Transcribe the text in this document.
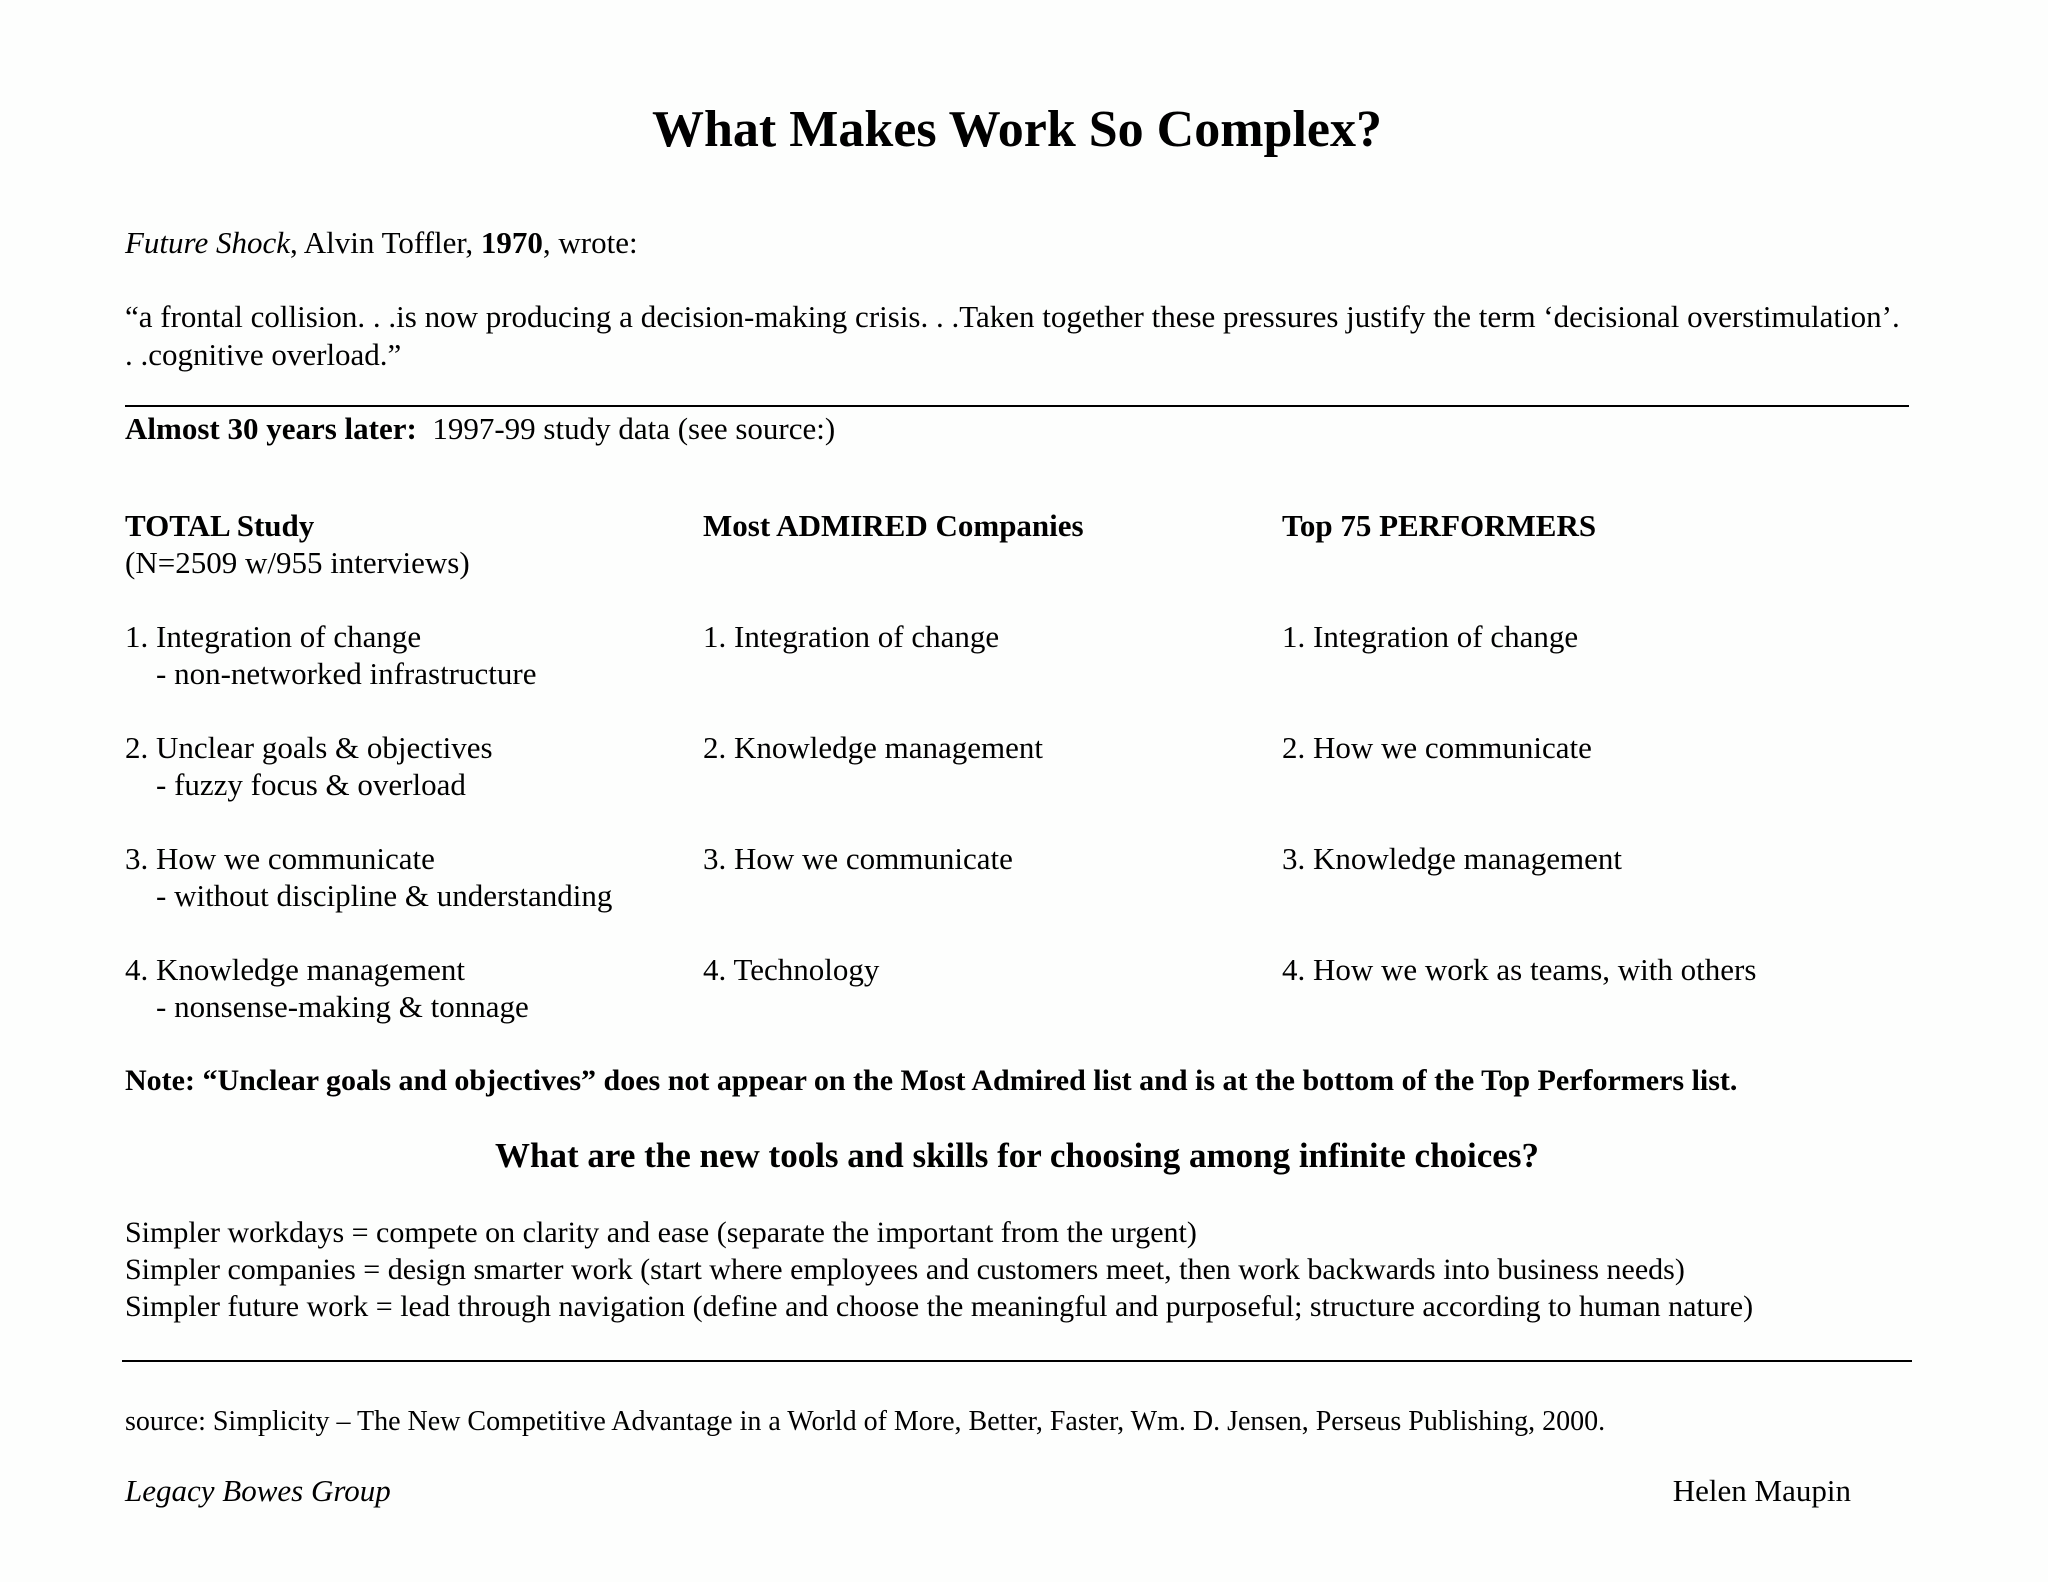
What Makes Work So Complex?
Future Shock, Alvin Toffler, 1970, wrote:
“a frontal collision. . .is now producing a decision-making crisis. . .Taken together these pressures justify the term ‘decisional overstimulation’. . .cognitive overload.”
Almost 30 years later: 1997-99 study data (see source:)
TOTAL Study
(N=2509 w/955 interviews)
1. Integration of change
- non-networked infrastructure
2. Unclear goals & objectives
- fuzzy focus & overload
3. How we communicate
- without discipline & understanding
4. Knowledge management
- nonsense-making & tonnage
Most ADMIRED Companies
1. Integration of change
2. Knowledge management
3. How we communicate
4. Technology
Top 75 PERFORMERS
1. Integration of change
2. How we communicate
3. Knowledge management
4. How we work as teams, with others
Note: “Unclear goals and objectives” does not appear on the Most Admired list and is at the bottom of the Top Performers list.
What are the new tools and skills for choosing among infinite choices?
Simpler workdays = compete on clarity and ease (separate the important from the urgent)
Simpler companies = design smarter work (start where employees and customers meet, then work backwards into business needs)
Simpler future work = lead through navigation (define and choose the meaningful and purposeful; structure according to human nature)
source: Simplicity – The New Competitive Advantage in a World of More, Better, Faster, Wm. D. Jensen, Perseus Publishing, 2000.
Legacy Bowes Group	Helen Maupin
